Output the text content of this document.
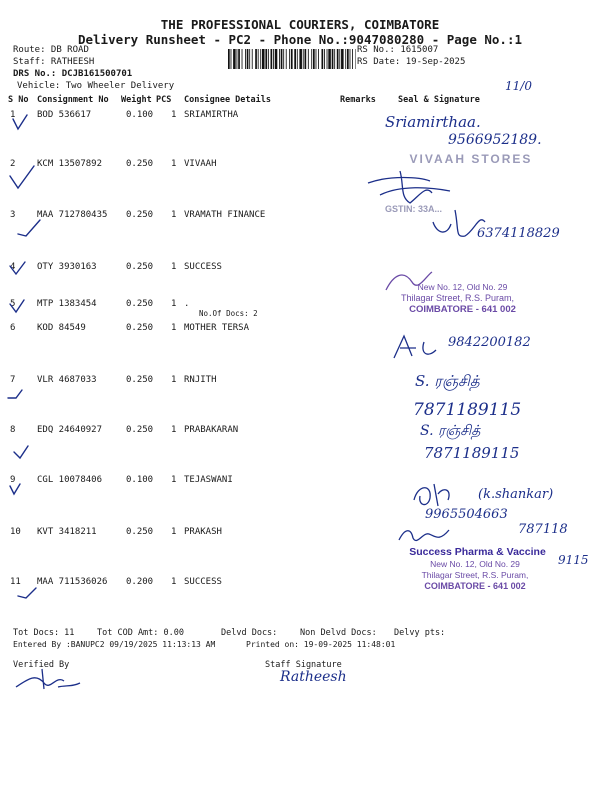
THE PROFESSIONAL COURIERS, COIMBATORE
Delivery Runsheet - PC2 - Phone No.:9047080280 - Page No.:1
Route: DB ROAD
Staff: RATHEESH
DRS No.: DCJB161500701
Vehicle: Two Wheeler Delivery
RS No.: 1615007
RS Date: 19-Sep-2025
11/0
S No Consignment No Weight PCS Consignee Details	Remarks	Seal & Signature
1 BOD 536617	0.100 1 SRIAMIRTHA
2 KCM 13507892	0.250 1 VIVAAH
3 MAA 712780435 0.250 1 VRAMATH FINANCE
4 OTY 3930163	0.250 1 SUCCESS
5 MTP 1383454	0.250 1 .
No.Of Docs: 2
6 KOD 84549	0.250 1 MOTHER TERSA
7 VLR 4687033	0.250 1 RNJITH
8 EDQ 24640927	0.250 1 PRABAKARAN
9 CGL 10078406	0.100 1 TEJASWANI
10 KVT 3418211	0.250 1 PRAKASH
11 MAA 711536026 0.200 1 SUCCESS
Sriamirthaa.
9566952189.
VIVAAH STORES
GSTIN: 33A...
6374118829
New No. 12, Old No. 29
Thilagar Street, R.S. Puram,
COIMBATORE - 641 002
9842200182
S. ரஞ்சித்
7871189115
S. ரஞ்சித்
7871189115
(k.shankar)
9965504663
787118
9115
Success Pharma & Vaccine
New No. 12, Old No. 29
Thilagar Street, R.S. Puram,
COIMBATORE - 641 002
Tot Docs: 11	Tot COD Amt: 0.00	Delvd Docs:	Non Delvd Docs: Delvy pts:
Entered By :BANUPC2 09/19/2025 11:13:13 AM	Printed on: 19-09-2025 11:48:01
Verified By	Staff Signature
Ratheesh
